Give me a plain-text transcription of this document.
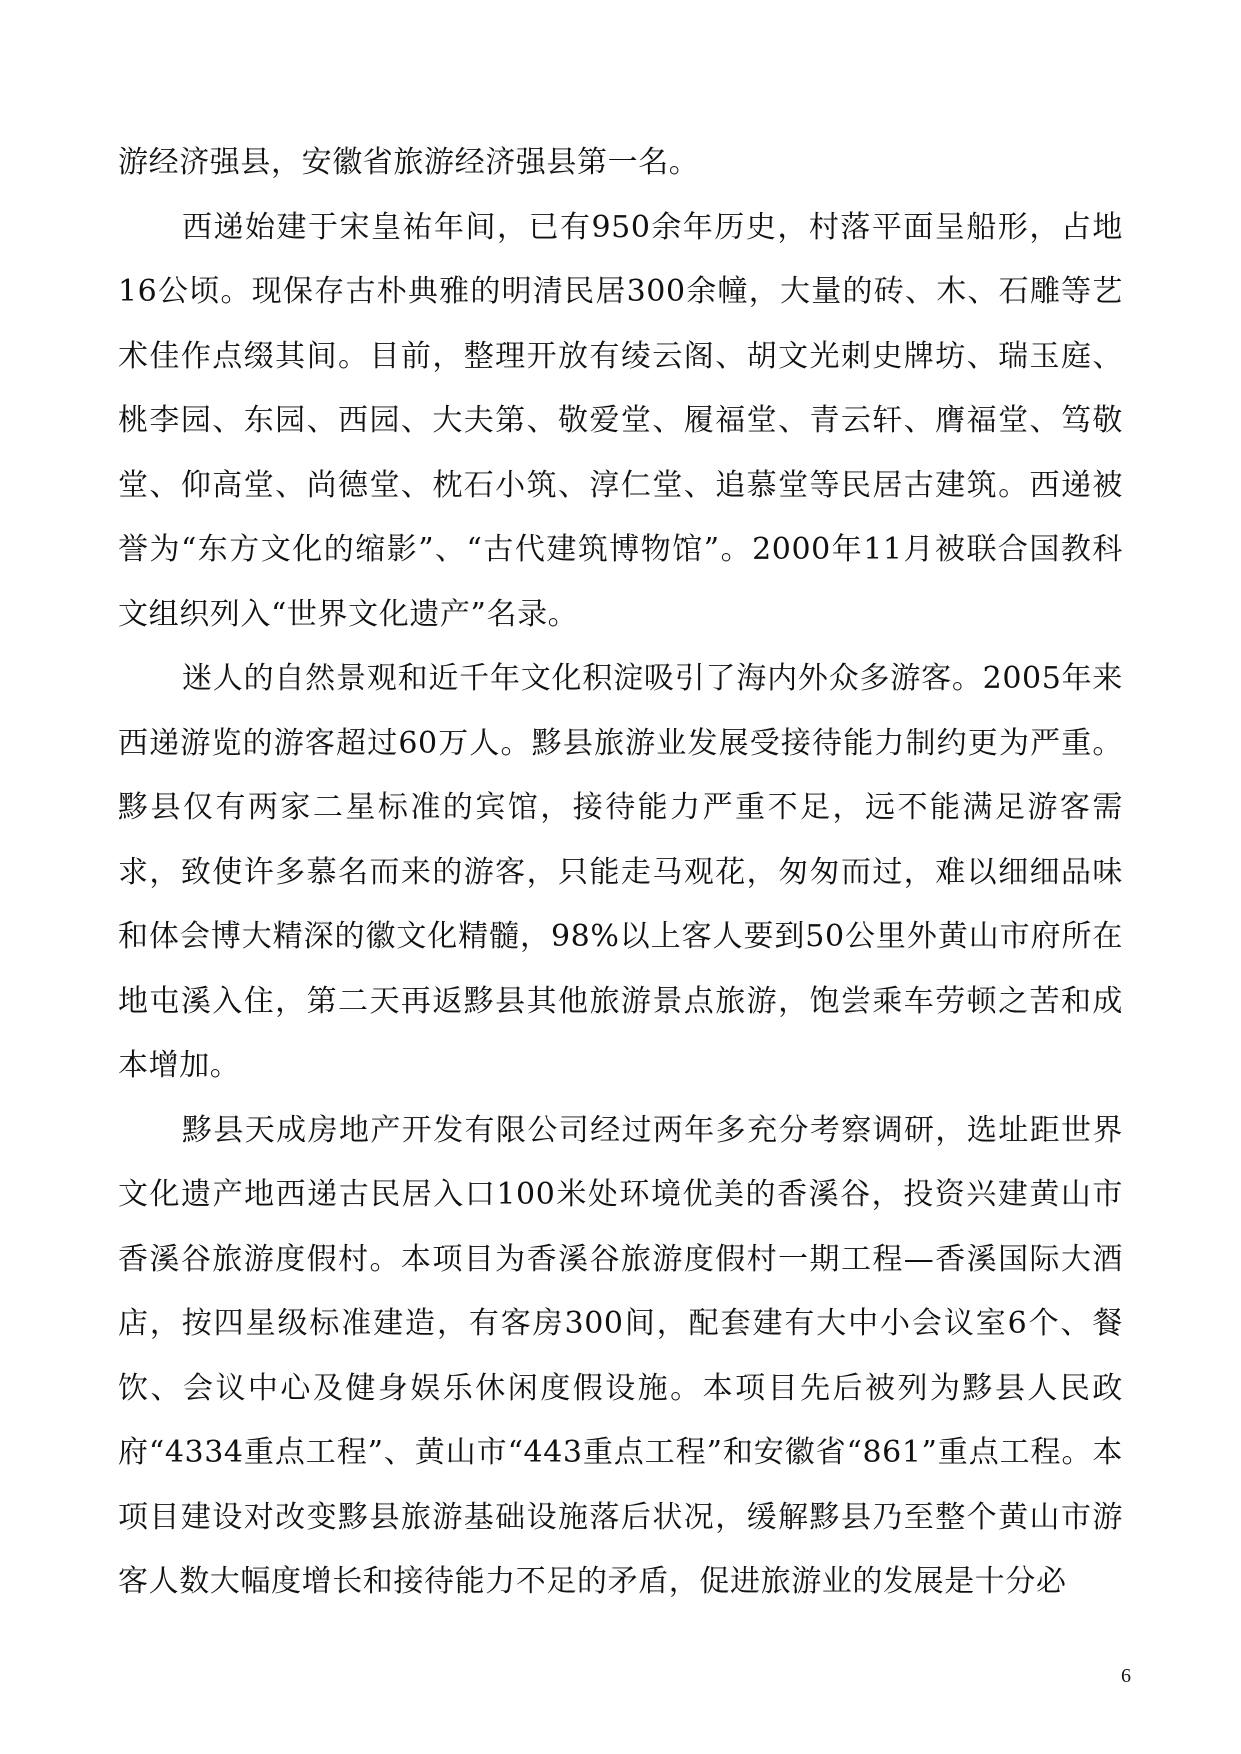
游经济强县，安徽省旅游经济强县第一名。

西递始建于宋皇祐年间，已有950余年历史，村落平面呈船形，占地16公顷。现保存古朴典雅的明清民居300余幢，大量的砖、木、石雕等艺术佳作点缀其间。目前，整理开放有绫云阁、胡文光刺史牌坊、瑞玉庭、桃李园、东园、西园、大夫第、敬爱堂、履福堂、青云轩、膺福堂、笃敬堂、仰高堂、尚德堂、枕石小筑、淳仁堂、追慕堂等民居古建筑。西递被誉为“东方文化的缩影”、“古代建筑博物馆”。2000年11月被联合国教科文组织列入“世界文化遗产”名录。

迷人的自然景观和近千年文化积淀吸引了海内外众多游客。2005年来西递游览的游客超过60万人。黟县旅游业发展受接待能力制约更为严重。黟县仅有两家二星标准的宾馆，接待能力严重不足，远不能满足游客需求，致使许多慕名而来的游客，只能走马观花，匆匆而过，难以细细品味和体会博大精深的徽文化精髓，98%以上客人要到50公里外黄山市府所在地屯溪入住，第二天再返黟县其他旅游景点旅游，饱尝乘车劳顿之苦和成本增加。

黟县天成房地产开发有限公司经过两年多充分考察调研，选址距世界文化遗产地西递古民居入口100米处环境优美的香溪谷，投资兴建黄山市香溪谷旅游度假村。本项目为香溪谷旅游度假村一期工程—香溪国际大酒店，按四星级标准建造，有客房300间，配套建有大中小会议室6个、餐饮、会议中心及健身娱乐休闲度假设施。本项目先后被列为黟县人民政府“4334重点工程”、黄山市“443重点工程”和安徽省“861”重点工程。本项目建设对改变黟县旅游基础设施落后状况，缓解黟县乃至整个黄山市游客人数大幅度增长和接待能力不足的矛盾，促进旅游业的发展是十分必

6
